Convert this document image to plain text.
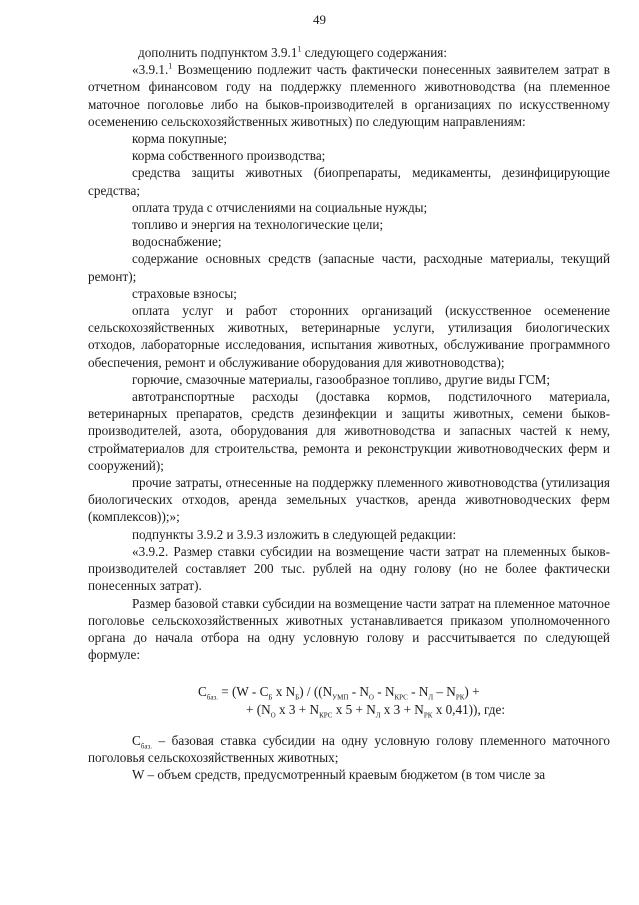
49

дополнить подпунктом 3.9.1$^1$ следующего содержания:

«3.9.1.$^1$ Возмещению подлежит часть фактически понесенных заявителем затрат в отчетном финансовом году на поддержку племенного животноводства (на племенное маточное поголовье либо на быков-производителей в организациях по искусственному осеменению сельскохозяйственных животных) по следующим направлениям:

корма покупные;

корма собственного производства;

средства защиты животных (биопрепараты, медикаменты, дезинфицирующие средства;

оплата труда с отчислениями на социальные нужды;

топливо и энергия на технологические цели;

водоснабжение;

содержание основных средств (запасные части, расходные материалы, текущий ремонт);

страховые взносы;

оплата услуг и работ сторонних организаций (искусственное осеменение сельскохозяйственных животных, ветеринарные услуги, утилизация биологических отходов, лабораторные исследования, испытания животных, обслуживание программного обеспечения, ремонт и обслуживание оборудования для животноводства);

горючие, смазочные материалы, газообразное топливо, другие виды ГСМ;

автотранспортные расходы (доставка кормов, подстилочного материала, ветеринарных препаратов, средств дезинфекции и защиты животных, семени быков-производителей, азота, оборудования для животноводства и запасных частей к нему, стройматериалов для строительства, ремонта и реконструкции животноводческих ферм и сооружений);

прочие затраты, отнесенные на поддержку племенного животноводства (утилизация биологических отходов, аренда земельных участков, аренда животноводческих ферм (комплексов));»;

подпункты 3.9.2 и 3.9.3 изложить в следующей редакции:

«3.9.2. Размер ставки субсидии на возмещение части затрат на племенных быков-производителей составляет 200 тыс. рублей на одну голову (но не более фактически понесенных затрат).

Размер базовой ставки субсидии на возмещение части затрат на племенное маточное поголовье сельскохозяйственных животных устанавливается приказом уполномоченного органа до начала отбора на одну условную голову и рассчитывается по следующей формуле:

$C_{баз.} = (W - C_Б$ x $N_Б) / ((N_{УМП} - N_О - N_{КРС} - N_Л - N_{РК})$ +
+ ($N_О$ x $3 + N_{КРС}$ x $5 + N_Л$ x $3 + N_{РК}$ x 0,41)), где:

$C_{баз.}$ – базовая ставка субсидии на одну условную голову племенного маточного поголовья сельскохозяйственных животных;

W – объем средств, предусмотренный краевым бюджетом (в том числе за
